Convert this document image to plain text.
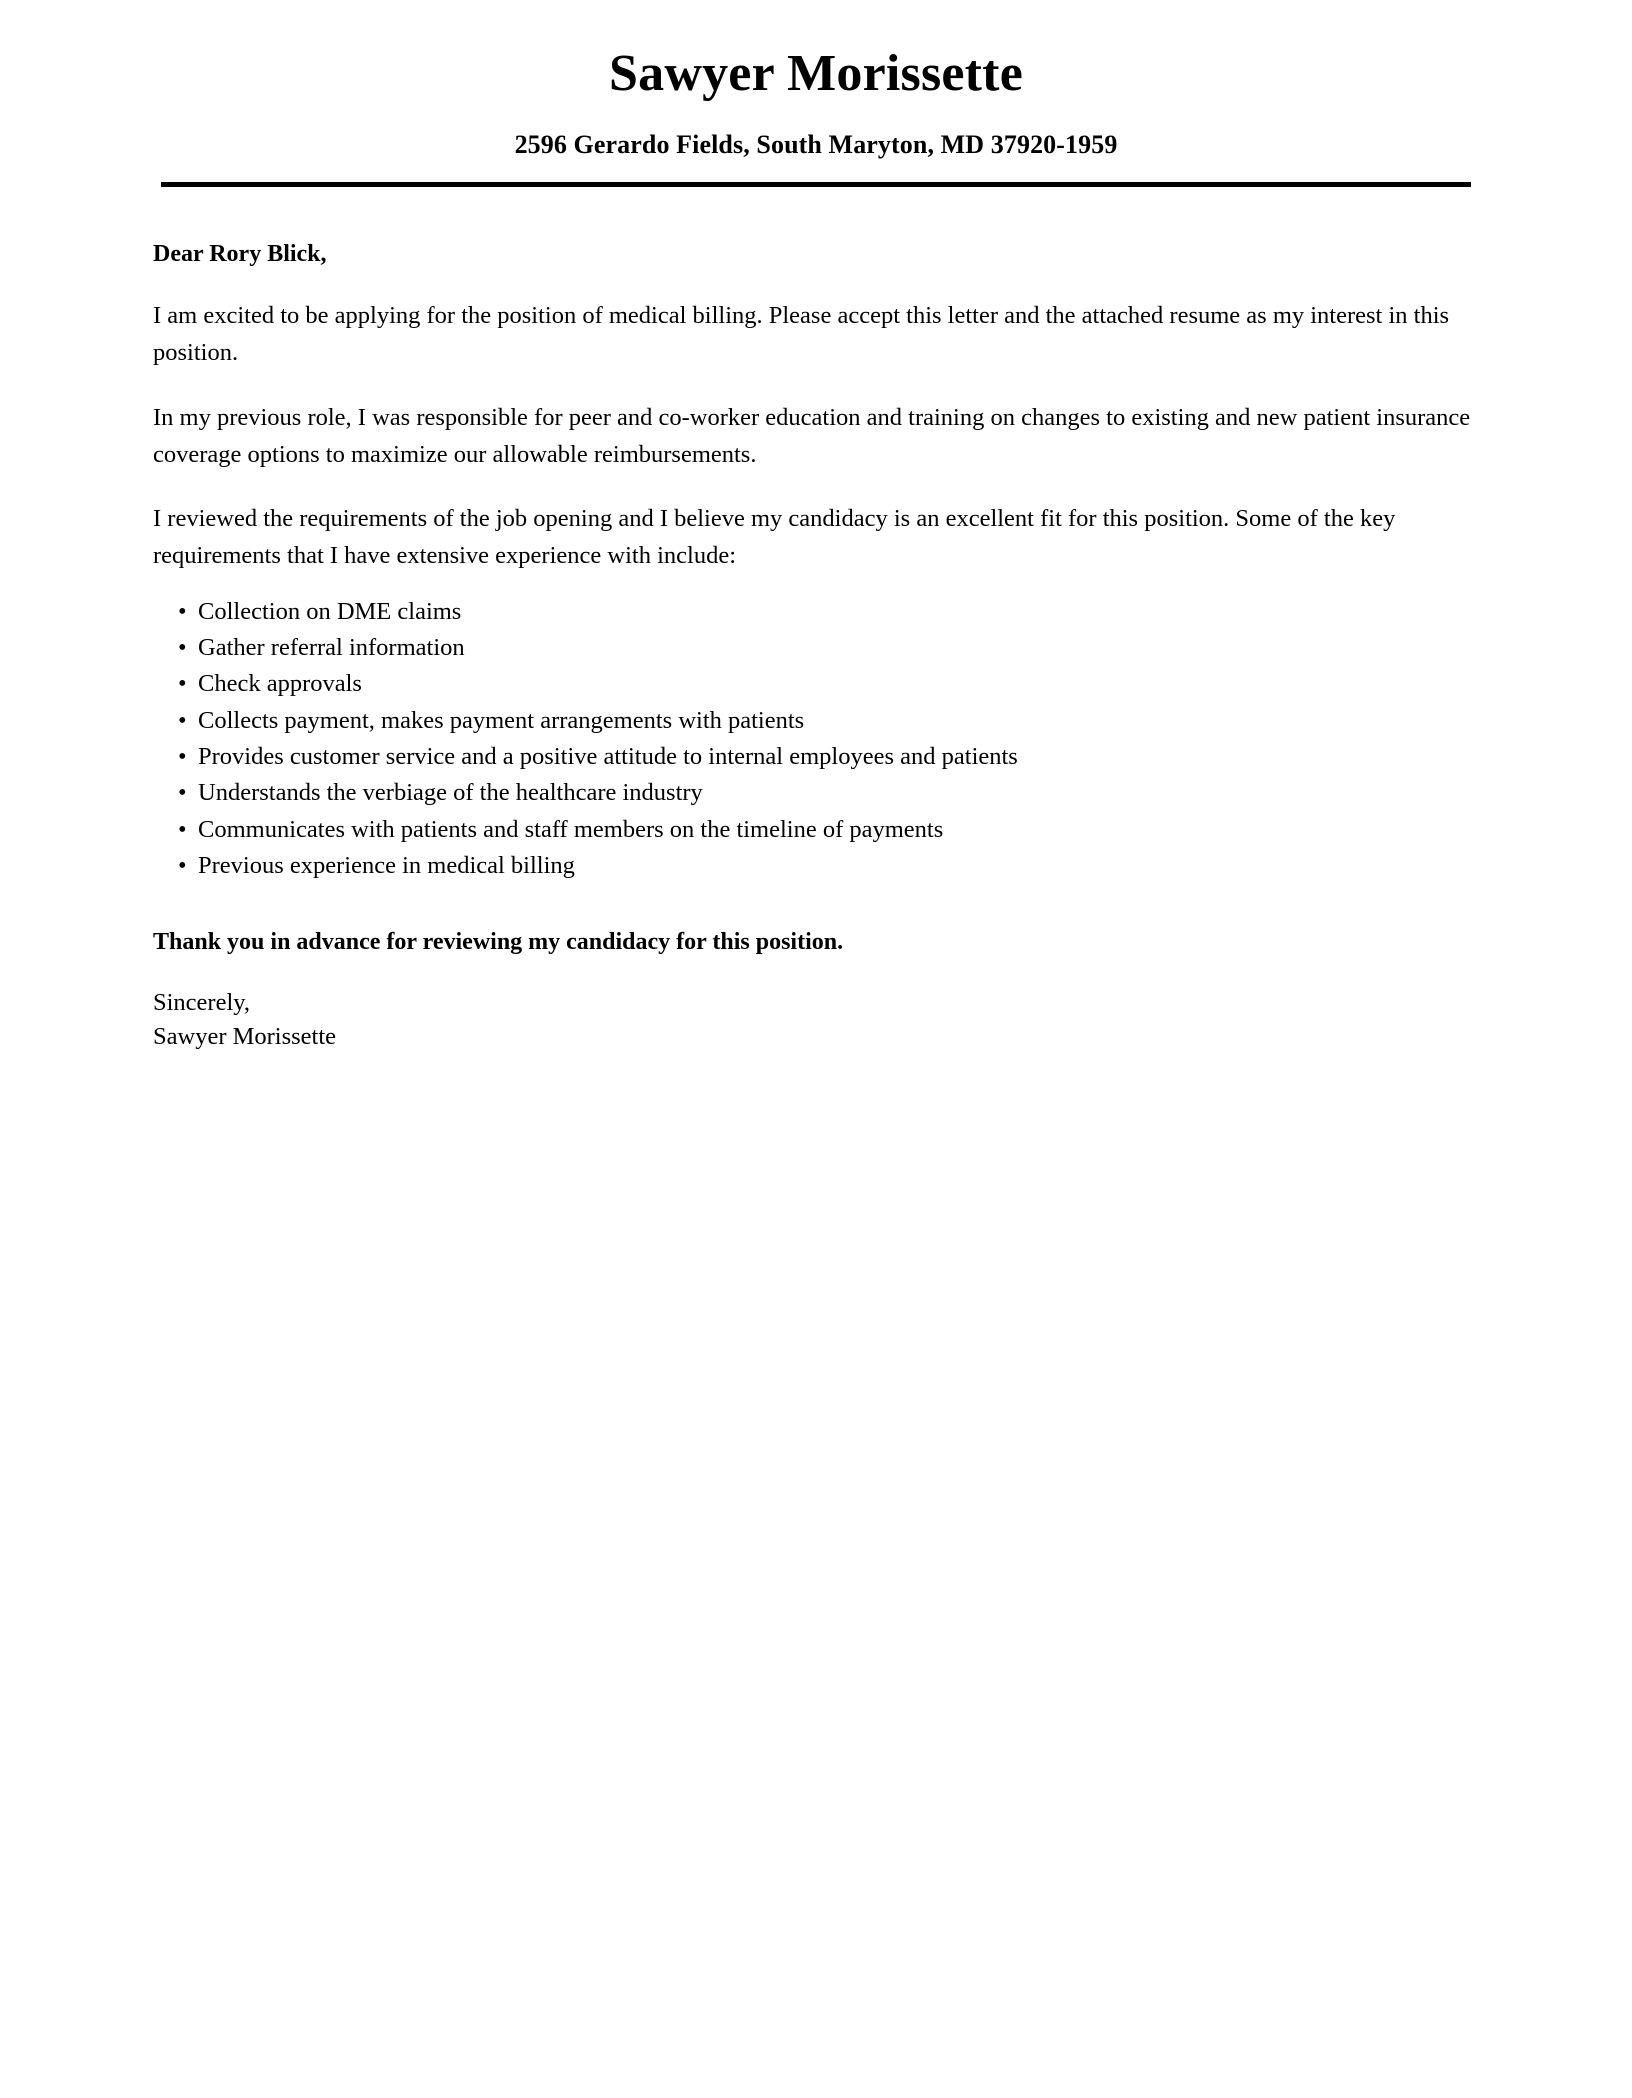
Sawyer Morissette

2596 Gerardo Fields, South Maryton, MD 37920-1959

Dear Rory Blick,

I am excited to be applying for the position of medical billing. Please accept this letter and the attached resume as my interest in this position.

In my previous role, I was responsible for peer and co-worker education and training on changes to existing and new patient insurance coverage options to maximize our allowable reimbursements.

I reviewed the requirements of the job opening and I believe my candidacy is an excellent fit for this position. Some of the key requirements that I have extensive experience with include:

• Collection on DME claims
• Gather referral information
• Check approvals
• Collects payment, makes payment arrangements with patients
• Provides customer service and a positive attitude to internal employees and patients
• Understands the verbiage of the healthcare industry
• Communicates with patients and staff members on the timeline of payments
• Previous experience in medical billing

Thank you in advance for reviewing my candidacy for this position.

Sincerely,

Sawyer Morissette
